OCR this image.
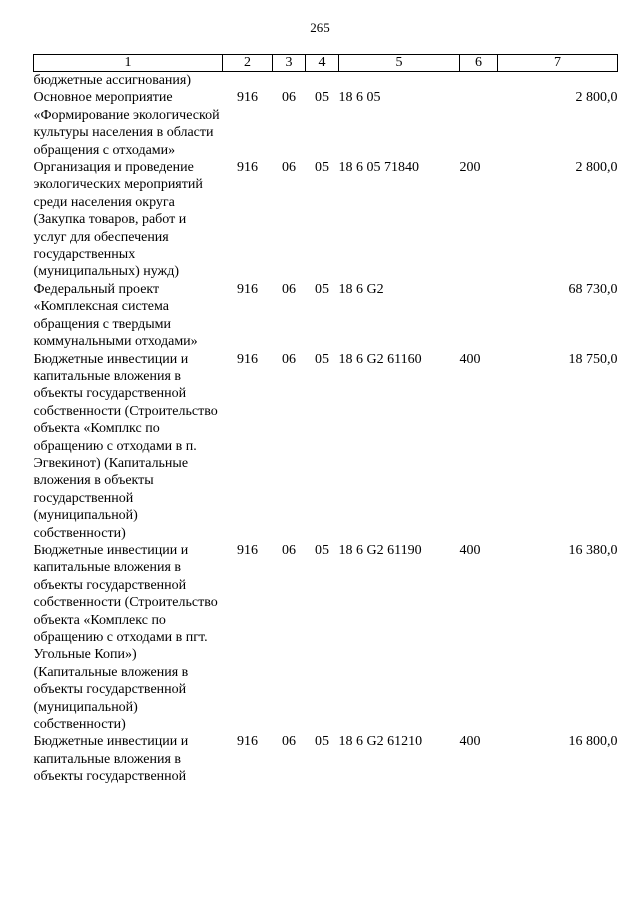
265
1	2	3	4	5	6	7
бюджетные ассигнования)						
Основное мероприятие «Формирование экологической культуры населения в области обращения с отходами»	916	06	05	18 6 05		2 800,0
Организация и проведение экологических мероприятий среди населения округа (Закупка товаров, работ и услуг для обеспечения государственных (муниципальных) нужд)	916	06	05	18 6 05 71840	200	2 800,0
Федеральный проект «Комплексная система обращения с твердыми коммунальными отходами»	916	06	05	18 6 G2		68 730,0
Бюджетные инвестиции и капитальные вложения в объекты государственной собственности (Строительство объекта «Комплкс по обращению с отходами в п. Эгвекинот) (Капитальные вложения в объекты государственной (муниципальной) собственности)	916	06	05	18 6 G2 61160	400	18 750,0
Бюджетные инвестиции и капитальные вложения в объекты государственной собственности (Строительство объекта «Комплекс по обращению с отходами в пгт. Угольные Копи») (Капитальные вложения в объекты государственной (муниципальной) собственности)	916	06	05	18 6 G2 61190	400	16 380,0
Бюджетные инвестиции и капитальные вложения в объекты государственной	916	06	05	18 6 G2 61210	400	16 800,0
